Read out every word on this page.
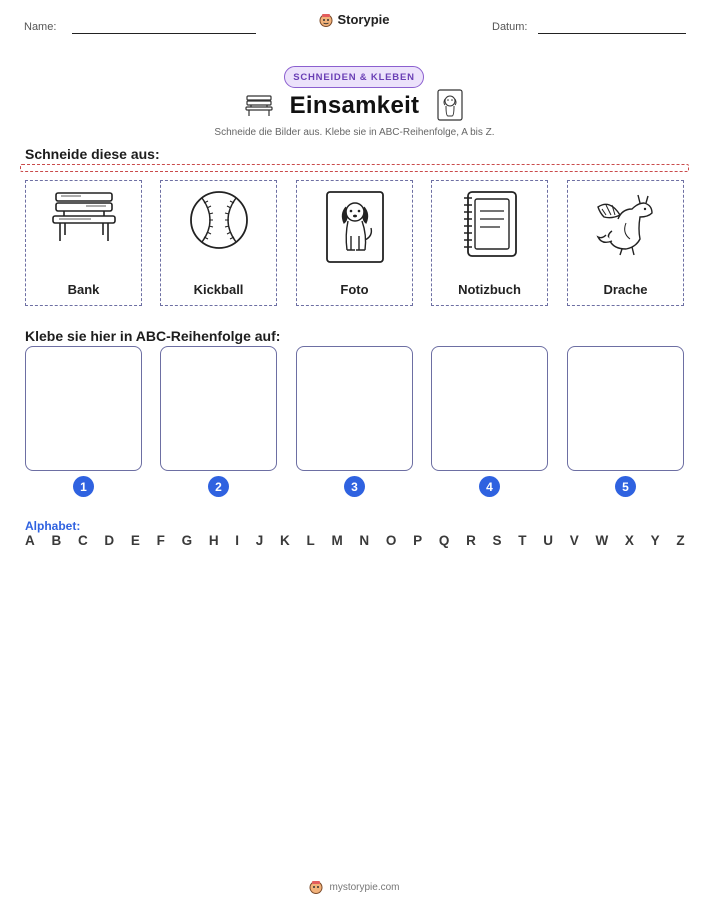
Name:	Storypie	Datum:
SCHNEIDEN & KLEBEN
Einsamkeit
Schneide die Bilder aus. Klebe sie in ABC-Reihenfolge, A bis Z.
Schneide diese aus:
Bank	Kickball	Foto	Notizbuch	Drache
Klebe sie hier in ABC-Reihenfolge auf:
1	2	3	4	5
Alphabet:
A B C D E F G H I J K L M N O P Q R S T U V W X Y Z
mystorypie.com
